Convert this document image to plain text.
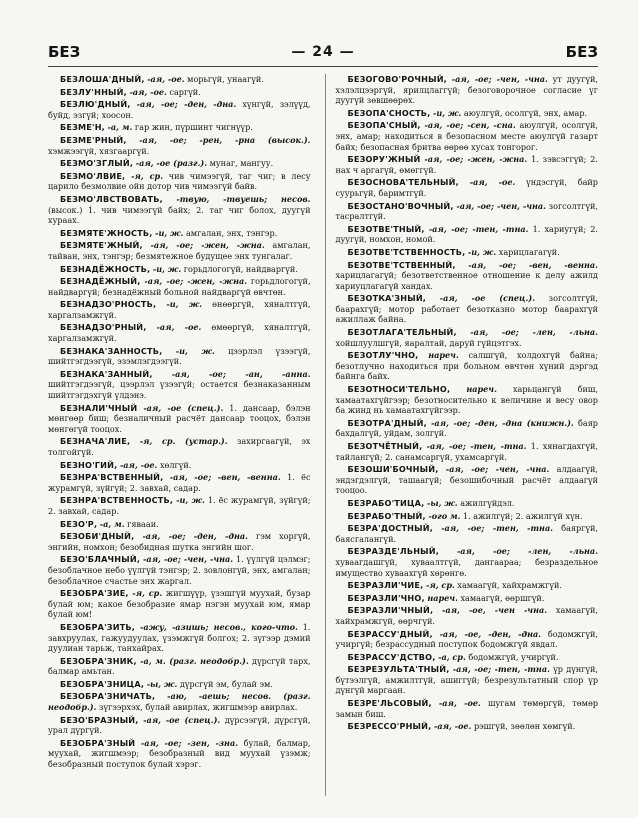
БЕЗ	— 24 —	БЕЗ

БЕЗЛОША'ДНЫЙ, -ая, -ое. морьгүй, унаагүй.

БЕЗЛУ'ННЫЙ, -ая, -ое. саргүй.

БЕЗЛЮ'ДНЫЙ, -ая, -ое; -ден, -дна. хүнгүй, зэлүүд, буйд, эзгүй; хоосон.

БЕЗМЕ'Н, -а, м. гар жин, пүршинт чигнүүр.

БЕЗМЕ'РНЫЙ, -ая, -ое; -рен, -рна (высок.). хэмжээгүй, хязгааргүй.

БЕЗМО'ЗГЛЫЙ, -ая, -ое (разг.). мунаг, мангуу.

БЕЗМО'ЛВИЕ, -я, ср. чив чимээгүй, таг чиг; в лесу царило безмолвие ойн дотор чив чимээгүй байв.

БЕЗМО'ЛВСТВОВАТЬ, -твую, -твуешь; несов. (высок.) 1. чив чимээгүй байх; 2. таг чиг болох, дуугүй хураах.

БЕЗМЯТЕ'ЖНОСТЬ, -и, ж. амгалан, энх, тэнгэр.

БЕЗМЯТЕ'ЖНЫЙ, -ая, -ое; -жен, -жна. амгалан, тайван, энх, тэнгэр; безмятежное будущее энх тунгалаг.

БЕЗНАДЁЖНОСТЬ, -и, ж. горьдлогогүй, найдваргүй.

БЕЗНАДЁЖНЫЙ, -ая, -ое; -жен, -жна. горьдлогогүй, найдваргүй; безнадёжный больной найдваргүй өвчтөн.

БЕЗНАДЗО'РНОСТЬ, -и, ж. өнөөргүй, хяналтгүй, харгалзамжгүй.

БЕЗНАДЗО'РНЫЙ, -ая, -ое. өмөөргүй, хяналтгүй, харгалзамжгүй.

БЕЗНАКА'ЗАННОСТЬ, -и, ж. цээрлэл үзээгүй, шийтгэгдээгүй, эзэмлэгдээгүй.

БЕЗНАКА'ЗАННЫЙ, -ая, -ое; -ан, -анна. шийтгэгдээгүй, цээрлэл үзээгүй; остается безнаказанным шийтгэгдэхгүй үлдэнэ.

БЕЗНАЛИ'ЧНЫЙ -ая, -ое (спец.). 1. дансаар, бэлэн мөнгөөр биш; безналичный расчёт дансаар тооцох, бэлэн мөнгөгүй тооцох.

БЕЗНАЧА'ЛИЕ, -я, ср. (устар.). захиргаагүй, эх толгойгүй.

БЕЗНО'ГИЙ, -ая, -ое. хөлгүй.

БЕЗНРА'ВСТВЕННЫЙ, -ая, -ое; -вен, -венна. 1. ёс журамгүй, зүйгүй; 2. завхай, садар.

БЕЗНРА'ВСТВЕННОСТЬ, -и, ж. 1. ёс журамгүй, зүйгүй; 2. завхай, садар.

БЕЗО'Р, -а, м. гявааи.

БЕЗОБИ'ДНЫЙ, -ая, -ое; -ден, -дна. гэм хоргүй, энгийн, номхон; безобидная шутка энгийн шог.

БЕЗО'БЛАЧНЫЙ, -ая, -ое; -чен, -чна. 1. үүлгүй цэлмэг; безоблачное небо үүлгүй тэнгэр; 2. зовлонгүй, энх, амгалан; безоблачное счастье энх жаргал.

БЕЗОБРА'ЗИЕ, -я, ср. жигшүүр, үзэшгүй муухай, бузар булай юм; какое безобразие ямар нэгэн муухай юм, ямар булай юм!

БЕЗОБРА'ЗИТЬ, -ажу, -азишь; несов., кого-что. 1. завхруулах, гажуудуулах, үзэмжгүй болгох; 2. зүгээр дэмий дуулиан тарьж, танхайрах.

БЕЗОБРА'ЗНИК, -а, м. (разг. неодобр.). дүрсгүй тарх, балмар амьтан.

БЕЗОБРА'ЗНИЦА, -ы, ж. дүрсгүй эм, булай эм.

БЕЗОБРА'ЗНИЧАТЬ, -аю, -аешь; несов. (разг. неодобр.). зүгээрхэх, булай авирлах, жигшмээр авирлах.

БЕЗО'БРАЗНЫЙ, -ая, -ое (спец.). дүрсээгүй, дүрсгүй, урал дүргүй.

БЕЗОБРА'ЗНЫЙ -ая, -ое; -зен, -зна. булай, балмар, муухай, жигшмээр; безобразный вид муухай үзэмж; безобразный поступок булай хэрэг.

БЕЗОГОВО'РОЧНЫЙ, -ая, -ое; -чен, -чна. ут дуугүй, хэлэлцээргүй, ярилцлаггүй; безоговорочное согласие үг дуугүй зөвшөөрөх.

БЕЗОПА'СНОСТЬ, -и, ж. аюулгүй, осолгүй, энх, амар.

БЕЗОПА'СНЫЙ, -ая, -ое; -сен, -сна. аюулгүй, осолгүй, энх, амар; находиться в безопасном месте аюулгүй газарт байх; безопасная бритва өөрөө хусах тонгорог.

БЕЗОРУ'ЖНЫЙ -ая, -ое; -жен, -жна. 1. зэвсэггүй; 2. нах ч аргагүй, өмөггүй.

БЕЗОСНОВА'ТЕЛЬНЫЙ, -ая, -ое. үндэсгүй, байр суурьгүй, баримтгүй.

БЕЗОСТАНО'ВОЧНЫЙ, -ая, -ое; -чен, -чна. зогсолтгүй, тасралтгүй.

БЕЗОТВЕ'ТНЫЙ, -ая, -ое; -тен, -тна. 1. хариугүй; 2. дуугүй, номхон, номой.

БЕЗОТВЕ'ТСТВЕННОСТЬ, -и, ж. харицлагагүй.

БЕЗОТВЕ'ТСТВЕННЫЙ, -ая, -ое; -вен, -венна. харицлагагүй; безответственное отношение к делу ажилд хариуцлагагүй хандах.

БЕЗОТКА'ЗНЫЙ, -ая, -ое (спец.). зогсолтгүй, баарахгүй; мотор работает безотказно мотор баарахгүй ажиллаж байна.

БЕЗОТЛАГА'ТЕЛЬНЫЙ, -ая, -ое; -лен, -льна. хойшлуулшгүй, яаралтай, даруй гүйцэтгэх.

БЕЗОТЛУ'ЧНО, нареч. салшгүй, холдохгүй байна; безотлучно находиться при больном өвчтөн хүний дэргэд байнга байх.

БЕЗОТНОСИ'ТЕЛЬНО, нареч. харьцангүй биш, хамаатахгүйгээр; безотносительно к величине и весу овор ба жинд нь хамаатахгүйгээр.

БЕЗОТРА'ДНЫЙ, -ая, -ое; -ден, -дна (книжн.). баяр бахдалгүй, уйдам, золгүй.

БЕЗОТЧЁТНЫЙ, -ая, -ое; -тен, -тна. 1. хянагдахгүй, тайлангүй; 2. санамсаргүй, ухамсаргүй.

БЕЗОШИ'БОЧНЫЙ, -ая, -ое; -чен, -чна. алдаагүй, эндэгдэлгүй, ташаагүй; безошибочный расчёт алдаагүй тооцоо.

БЕЗРАБО'ТИЦА, -ы, ж. ажилгүйдэл.

БЕЗРАБО'ТНЫЙ, -ого м. 1. ажилгүй; 2. ажилгүй хүн.

БЕЗРА'ДОСТНЫЙ, -ая, -ое; -тен, -тна. баяргүй, баясгалангүй.

БЕЗРАЗДЕ'ЛЬНЫЙ, -ая, -ое; -лен, -льна. хуваагдашгүй, хуваалтгүй, дангаараа; безраздельное имущество хуваахгүй хөрөнгө.

БЕЗРАЗЛИ'ЧИЕ, -я, ср. хамаагүй, хайхрамжгүй.

БЕЗРАЗЛИ'ЧНО, нареч. хамаагүй, өөршгүй.

БЕЗРАЗЛИ'ЧНЫЙ, -ая, -ое, -чен -чна. хамаагүй, хайхрамжгүй, өөрчгүй.

БЕЗРАССУ'ДНЫЙ, -ая, -ое, -ден, -дна. бодомжгүй, учиргүй; безрассудный поступок бодомжгүй явдал.

БЕЗРАССУ'ДСТВО, -а, ср. бодомжгүй, учиргүй.

БЕЗРЕЗУЛЬТА'ТНЫЙ, -ая, -ое; -тен, -тна. үр дүнгүй, бүтээлгүй, амжилтгүй, ашиггүй; безрезультатный спор үр дүнгүй маргаан.

БЕЗРЕ'ЛЬСОВЫЙ, -ая, -ое. шугам төмөргүй, төмөр замын биш.

БЕЗРЕССО'РНЫЙ, -ая, -ое. рэшгүй, зөөлөн хөмгүй.
